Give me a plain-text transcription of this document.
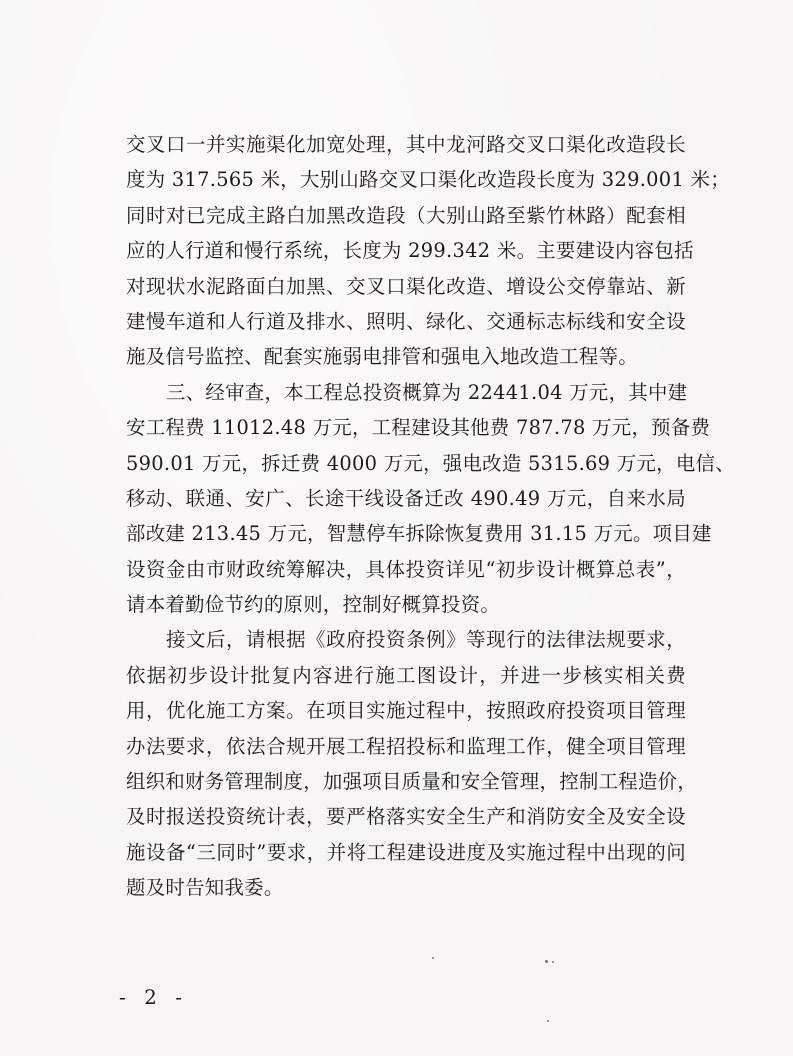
交叉口一并实施渠化加宽处理，其中龙河路交叉口渠化改造段长
度为 317.565 米，大别山路交叉口渠化改造段长度为 329.001 米；
同时对已完成主路白加黑改造段（大别山路至紫竹林路）配套相
应的人行道和慢行系统，长度为 299.342 米。主要建设内容包括
对现状水泥路面白加黑、交叉口渠化改造、增设公交停靠站、新
建慢车道和人行道及排水、照明、绿化、交通标志标线和安全设
施及信号监控、配套实施弱电排管和强电入地改造工程等。
三、经审查，本工程总投资概算为 22441.04 万元，其中建
安工程费 11012.48 万元，工程建设其他费 787.78 万元，预备费
590.01 万元，拆迁费 4000 万元，强电改造 5315.69 万元，电信、
移动、联通、安广、长途干线设备迁改 490.49 万元，自来水局
部改建 213.45 万元，智慧停车拆除恢复费用 31.15 万元。项目建
设资金由市财政统筹解决，具体投资详见“初步设计概算总表”，
请本着勤俭节约的原则，控制好概算投资。
接文后，请根据《政府投资条例》等现行的法律法规要求，
依据初步设计批复内容进行施工图设计，并进一步核实相关费
用，优化施工方案。在项目实施过程中，按照政府投资项目管理
办法要求，依法合规开展工程招投标和监理工作，健全项目管理
组织和财务管理制度，加强项目质量和安全管理，控制工程造价，
及时报送投资统计表，要严格落实安全生产和消防安全及安全设
施设备“三同时”要求，并将工程建设进度及实施过程中出现的问
题及时告知我委。
- 2 -
